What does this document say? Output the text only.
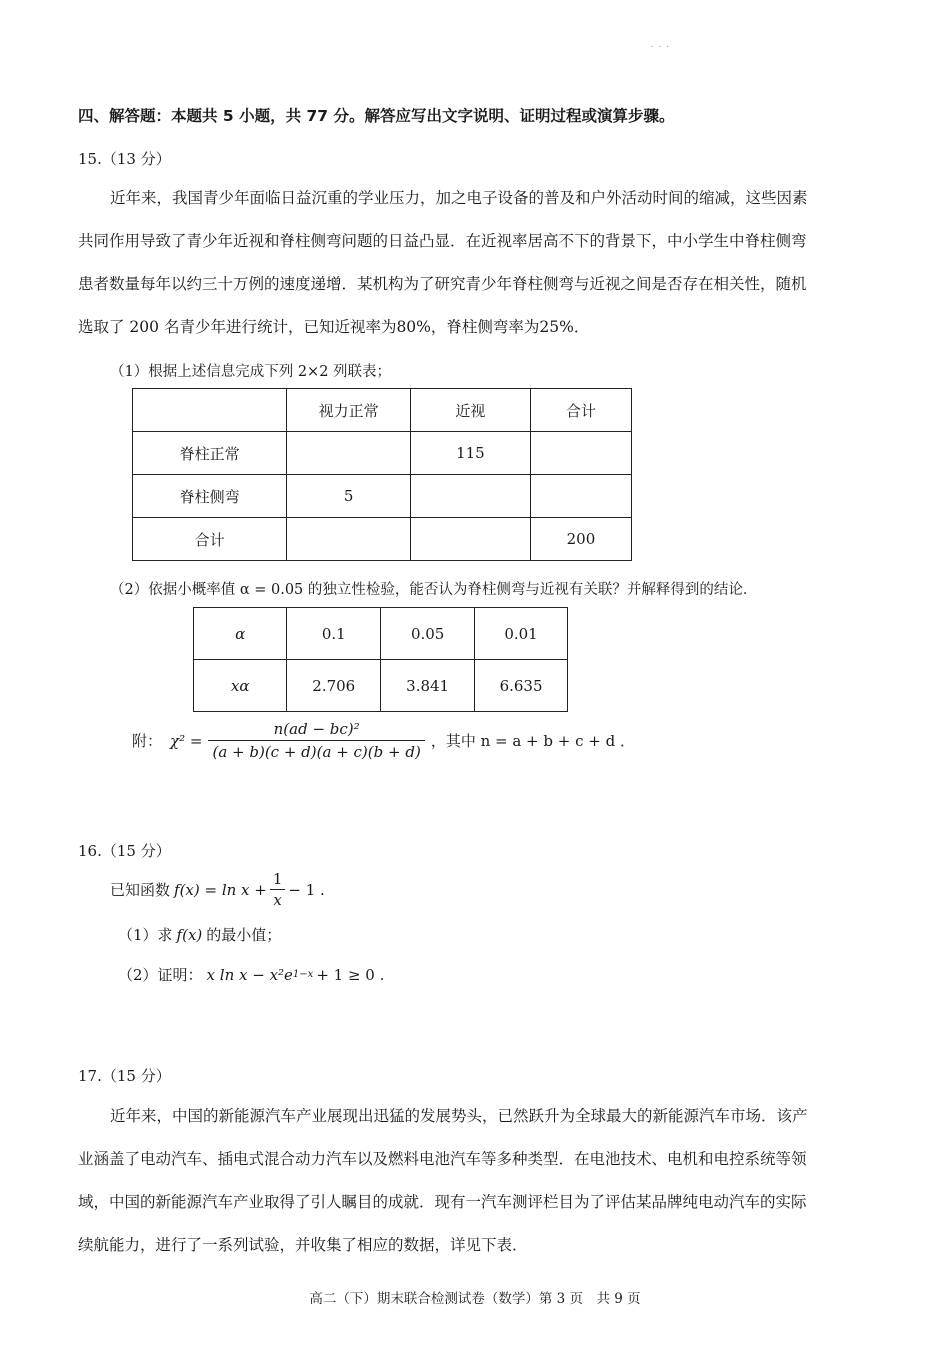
. . .
四、解答题：本题共 5 小题，共 77 分。解答应写出文字说明、证明过程或演算步骤。
15.（13 分）
近年来，我国青少年面临日益沉重的学业压力，加之电子设备的普及和户外活动时间的缩减，这些因素
共同作用导致了青少年近视和脊柱侧弯问题的日益凸显．在近视率居高不下的背景下，中小学生中脊柱侧弯
患者数量每年以约三十万例的速度递增．某机构为了研究青少年脊柱侧弯与近视之间是否存在相关性，随机
选取了 200 名青少年进行统计，已知近视率为80%，脊柱侧弯率为25%．
（1）根据上述信息完成下列 2×2 列联表；
	视力正常	近视	合计
脊柱正常		115	
脊柱侧弯	5		
合计			200
（2）依据小概率值 α = 0.05 的独立性检验，能否认为脊柱侧弯与近视有关联？并解释得到的结论．
α	0.1	0.05	0.01
xα	2.706	3.841	6.635
附： $\chi^2 = \frac{\text{n(ad − bc)²}}{(a + b)(c + d)(a + c)(b + d)}$ ，其中 n = a + b + c + d ．
16.（15 分）
已知函数 $f(x) = \ln x + \frac{1}{x} - 1$ .
（1）求 f(x) 的最小值；
（2）证明： x ln x − x²e 1−x + 1 ≥ 0 .
17.（15 分）
近年来，中国的新能源汽车产业展现出迅猛的发展势头，已然跃升为全球最大的新能源汽车市场．该产
业涵盖了电动汽车、插电式混合动力汽车以及燃料电池汽车等多种类型．在电池技术、电机和电控系统等领
域，中国的新能源汽车产业取得了引人瞩目的成就．现有一汽车测评栏目为了评估某品牌纯电动汽车的实际
续航能力，进行了一系列试验，并收集了相应的数据，详见下表．
高二（下）期末联合检测试卷（数学）第 3 页　共 9 页
